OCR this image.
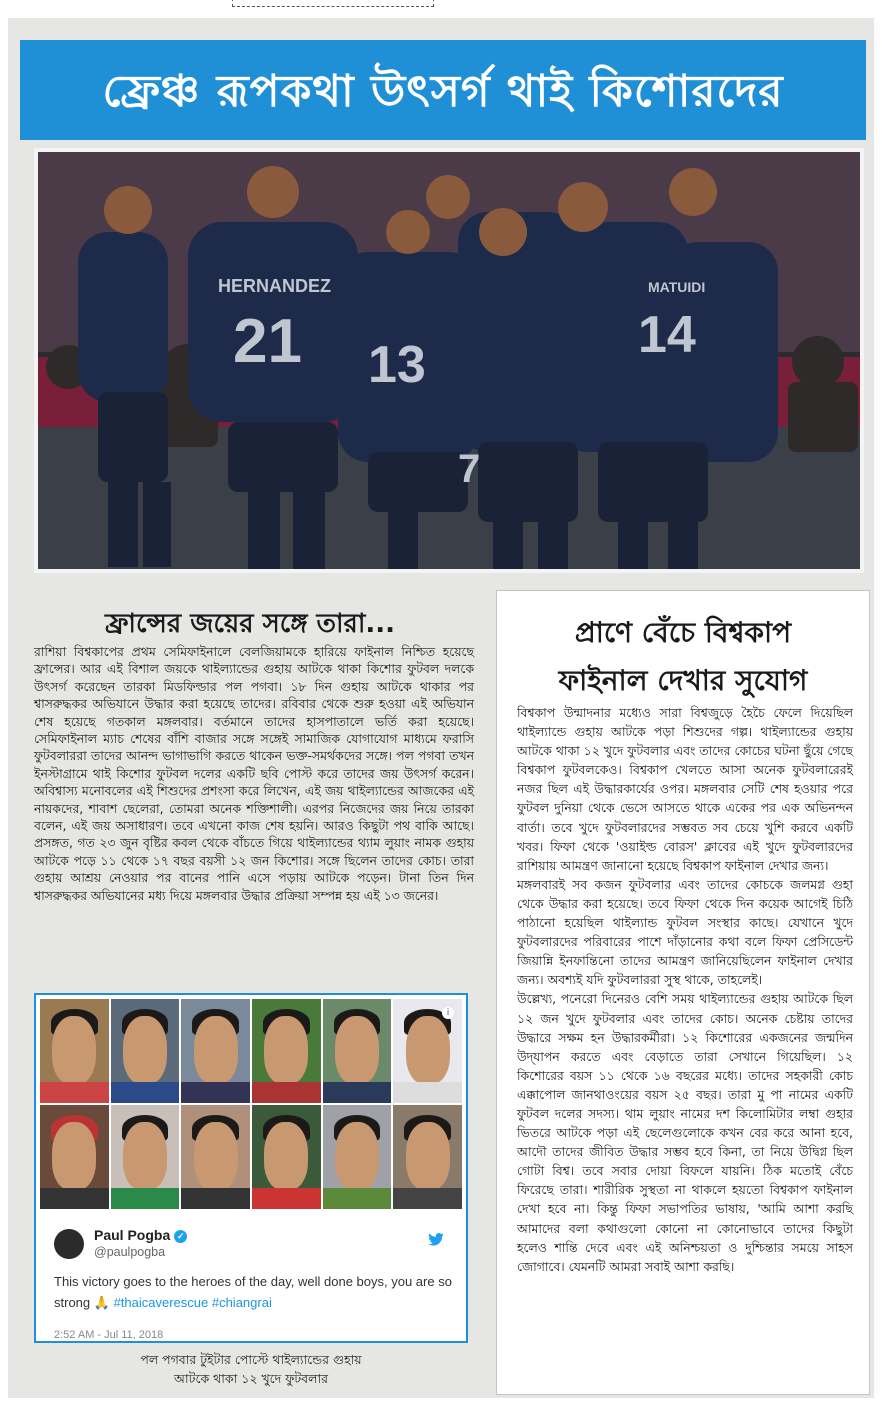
ফ্রেঞ্চ রূপকথা উৎসর্গ থাই কিশোরদের
HERNANDEZ
21 13
MATUIDI
14
7
ফ্রান্সের জয়ের সঙ্গে তারা...

রাশিয়া বিশ্বকাপের প্রথম সেমিফাইনালে বেলজিয়ামকে হারিয়ে ফাইনাল নিশ্চিত হয়েছে ফ্রান্সের। আর এই বিশাল জয়কে থাইল্যান্ডের গুহায় আটকে থাকা কিশোর ফুটবল দলকে উৎসর্গ করেছেন তারকা মিডফিল্ডার পল পগবা। ১৮ দিন গুহায় আটকে থাকার পর শ্বাসরুদ্ধকর অভিযানে উদ্ধার করা হয়েছে তাদের। রবিবার থেকে শুরু হওয়া এই অভিযান শেষ হয়েছে গতকাল মঙ্গলবার। বর্তমানে তাদের হাসপাতালে ভর্তি করা হয়েছে। সেমিফাইনাল ম্যাচ শেষের বাঁশি বাজার সঙ্গে সঙ্গেই সামাজিক যোগাযোগ মাধ্যমে ফরাসি ফুটবলাররা তাদের আনন্দ ভাগাভাগি করতে থাকেন ভক্ত-সমর্থকদের সঙ্গে। পল পগবা তখন ইনস্টাগ্রামে থাই কিশোর ফুটবল দলের একটি ছবি পোস্ট করে তাদের জয় উৎসর্গ করেন। অবিশ্বাস্য মনোবলের এই শিশুদের প্রশংসা করে লিখেন, এই জয় থাইল্যান্ডের আজকের এই নায়কদের, শাবাশ ছেলেরা, তোমরা অনেক শক্তিশালী। এরপর নিজেদের জয় নিয়ে তারকা বলেন, এই জয় অসাধারণ। তবে এখনো কাজ শেষ হয়নি। আরও কিছুটা পথ বাকি আছে। প্রসঙ্গত, গত ২৩ জুন বৃষ্টির কবল থেকে বাঁচতে গিয়ে থাইল্যান্ডের থ্যাম লুয়াং নামক গুহায় আটকে পড়ে ১১ থেকে ১৭ বছর বয়সী ১২ জন কিশোর। সঙ্গে ছিলেন তাদের কোচ। তারা গুহায় আশ্রয় নেওয়ার পর বানের পানি এসে পড়ায় আটকে পড়েন। টানা তিন দিন শ্বাসরুদ্ধকর অভিযানের মধ্য দিয়ে মঙ্গলবার উদ্ধার প্রক্রিয়া সম্পন্ন হয় এই ১৩ জনের।

i
Paul Pogba ✓
@paulpogba

This victory goes to the heroes of the day, well done boys, you are so strong 🙏 #thaicaverescue #chiangrai

2:52 AM - Jul 11, 2018

পল পগবার টুইটার পোস্টে থাইল্যান্ডের গুহায়
আটকে থাকা ১২ খুদে ফুটবলার

প্রাণে বেঁচে বিশ্বকাপ
ফাইনাল দেখার সুযোগ
বিশ্বকাপ উন্মাদনার মধ্যেও সারা বিশ্বজুড়ে হৈচৈ ফেলে দিয়েছিল থাইল্যান্ডে গুহায় আটকে পড়া শিশুদের গল্প। থাইল্যান্ডের গুহায় আটকে থাকা ১২ খুদে ফুটবলার এবং তাদের কোচের ঘটনা ছুঁয়ে গেছে বিশ্বকাপ ফুটবলকেও। বিশ্বকাপ খেলতে আসা অনেক ফুটবলারেরই নজর ছিল এই উদ্ধারকার্যের ওপর। মঙ্গলবার সেটি শেষ হওয়ার পরে ফুটবল দুনিয়া থেকে ভেসে আসতে থাকে একের পর এক অভিনন্দন বার্তা। তবে খুদে ফুটবলারদের সম্ভবত সব চেয়ে খুশি করবে একটি খবর। ফিফা থেকে 'ওয়াইল্ড বোরস' ক্লাবের এই খুদে ফুটবলারদের রাশিয়ায় আমন্ত্রণ জানানো হয়েছে বিশ্বকাপ ফাইনাল দেখার জন্য।
মঙ্গলবারই সব কজন ফুটবলার এবং তাদের কোচকে জলমগ্ন গুহা থেকে উদ্ধার করা হয়েছে। তবে ফিফা থেকে দিন কয়েক আগেই চিঠি পাঠানো হয়েছিল থাইল্যান্ড ফুটবল সংস্থার কাছে। যেখানে খুদে ফুটবলারদের পরিবারের পাশে দাঁড়ানোর কথা বলে ফিফা প্রেসিডেন্ট জিয়ান্নি ইনফান্তিনো তাদের আমন্ত্রণ জানিয়েছিলেন ফাইনাল দেখার জন্য। অবশ্যই যদি ফুটবলাররা সুস্থ থাকে, তাহলেই।
উল্লেখ্য, পনেরো দিনেরও বেশি সময় থাইল্যান্ডের গুহায় আটকে ছিল ১২ জন খুদে ফুটবলার এবং তাদের কোচ। অনেক চেষ্টায় তাদের উদ্ধারে সক্ষম হন উদ্ধারকর্মীরা। ১২ কিশোরের একজনের জন্মদিন উদ্‌যাপন করতে এবং বেড়াতে তারা সেখানে গিয়েছিল। ১২ কিশোরের বয়স ১১ থেকে ১৬ বছরের মধ্যে। তাদের সহকারী কোচ এক্কাপোল জানথাওংয়ের বয়স ২৫ বছর। তারা মু পা নামের একটি ফুটবল দলের সদস্য। থাম লুয়াং নামের দশ কিলোমিটার লম্বা গুহার ভিতরে আটকে পড়া এই ছেলেগুলোকে কখন বের করে আনা হবে, আদৌ তাদের জীবিত উদ্ধার সম্ভব হবে কিনা, তা নিয়ে উদ্বিগ্ন ছিল গোটা বিশ্ব। তবে সবার দোয়া বিফলে যায়নি। ঠিক মতোই বেঁচে ফিরেছে তারা। শারীরিক সুস্থতা না থাকলে হয়তো বিশ্বকাপ ফাইনাল দেখা হবে না। কিন্তু ফিফা সভাপতির ভাষায়, 'আমি আশা করছি আমাদের বলা কথাগুলো কোনো না কোনোভাবে তাদের কিছুটা হলেও শান্তি দেবে এবং এই অনিশ্চয়তা ও দুশ্চিন্তার সময়ে সাহস জোগাবে। যেমনটি আমরা সবাই আশা করছি।
